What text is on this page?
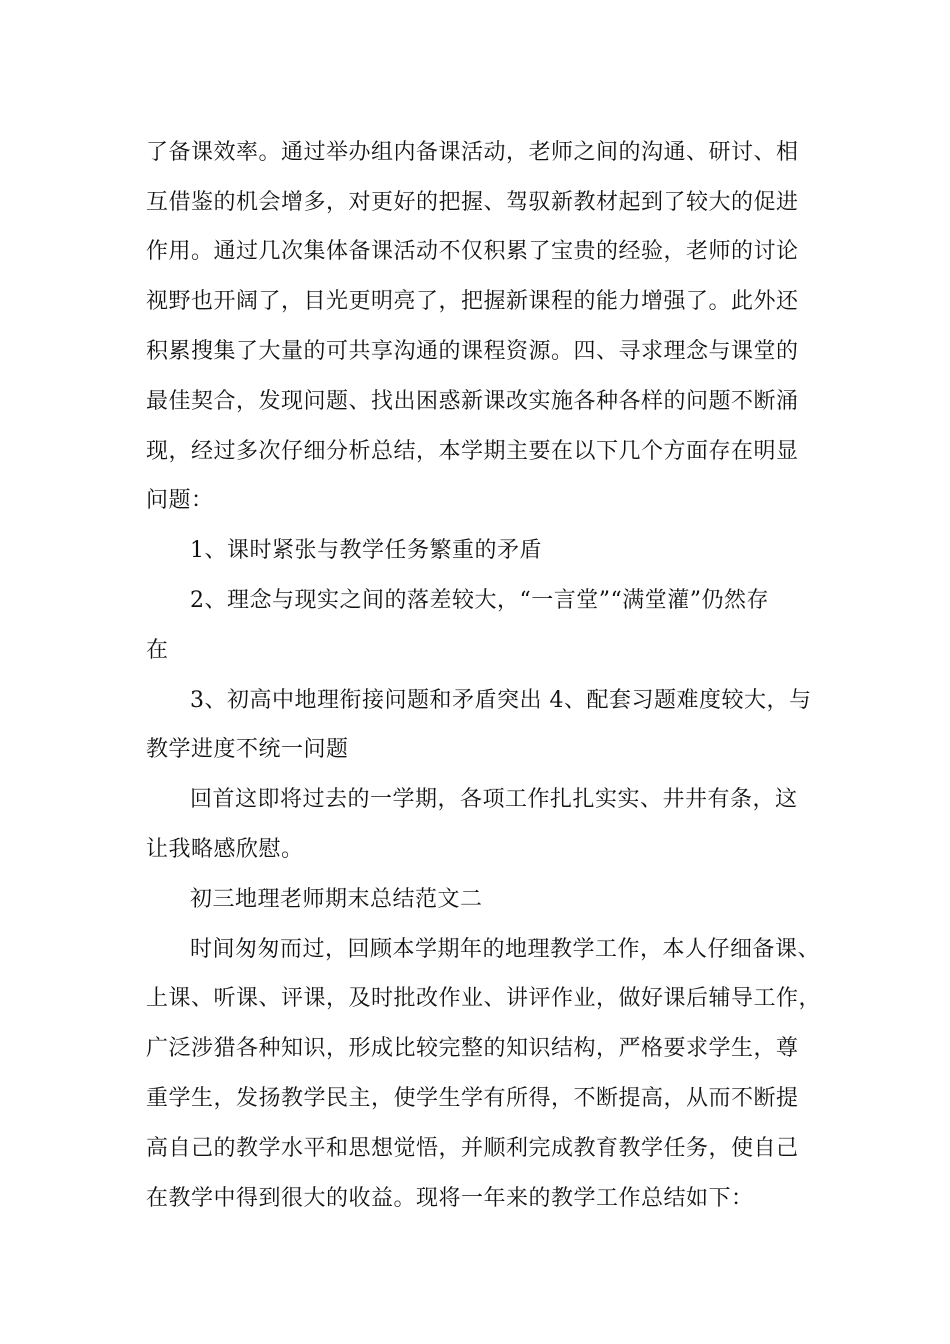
了备课效率。通过举办组内备课活动，老师之间的沟通、研讨、相
互借鉴的机会增多，对更好的把握、驾驭新教材起到了较大的促进
作用。通过几次集体备课活动不仅积累了宝贵的经验，老师的讨论
视野也开阔了，目光更明亮了，把握新课程的能力增强了。此外还
积累搜集了大量的可共享沟通的课程资源。四、寻求理念与课堂的
最佳契合，发现问题、找出困惑新课改实施各种各样的问题不断涌
现，经过多次仔细分析总结，本学期主要在以下几个方面存在明显
问题：
1、课时紧张与教学任务繁重的矛盾
2、理念与现实之间的落差较大，“一言堂”“满堂灌”仍然存
在
3、初高中地理衔接问题和矛盾突出 4、配套习题难度较大，与
教学进度不统一问题
回首这即将过去的一学期，各项工作扎扎实实、井井有条，这
让我略感欣慰。
初三地理老师期末总结范文二
时间匆匆而过，回顾本学期年的地理教学工作，本人仔细备课、
上课、听课、评课，及时批改作业、讲评作业，做好课后辅导工作，
广泛涉猎各种知识，形成比较完整的知识结构，严格要求学生，尊
重学生，发扬教学民主，使学生学有所得，不断提高，从而不断提
高自己的教学水平和思想觉悟，并顺利完成教育教学任务，使自己
在教学中得到很大的收益。现将一年来的教学工作总结如下：
